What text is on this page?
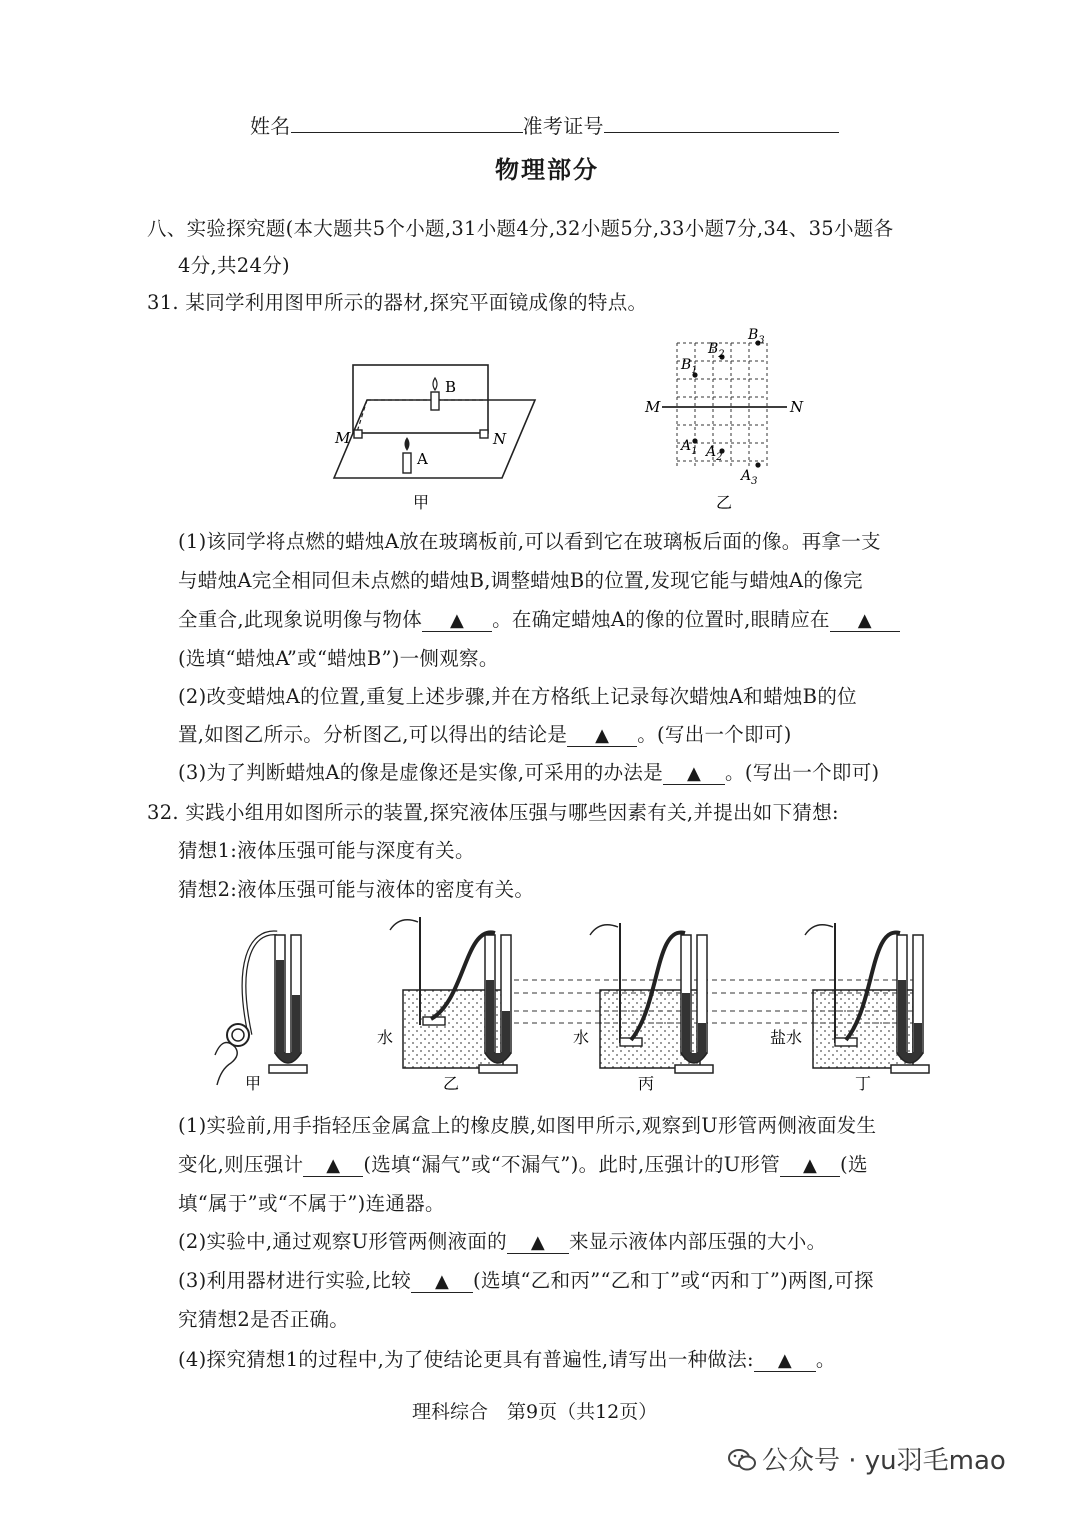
姓名	准考证号
物理部分
八、实验探究题(本大题共5个小题,31小题4分,32小题5分,33小题7分,34、35小题各
4分,共24分)
31. 某同学利用图甲所示的器材,探究平面镜成像的特点。
B
A
M	N
甲
M	N
$B_1$
$B_2$
$B_3$
$A_1$ $A_2$
$A_3$
乙
(1)该同学将点燃的蜡烛A放在玻璃板前,可以看到它在玻璃板后面的像。再拿一支
与蜡烛A完全相同但未点燃的蜡烛B,调整蜡烛B的位置,发现它能与蜡烛A的像完
全重合,此现象说明像与物体 ▲ 。在确定蜡烛A的像的位置时,眼睛应在 ▲
(选填“蜡烛A”或“蜡烛B”)一侧观察。
(2)改变蜡烛A的位置,重复上述步骤,并在方格纸上记录每次蜡烛A和蜡烛B的位
置,如图乙所示。分析图乙,可以得出的结论是 ▲ 。(写出一个即可)
(3)为了判断蜡烛A的像是虚像还是实像,可采用的办法是 ▲ 。(写出一个即可)
32. 实践小组用如图所示的装置,探究液体压强与哪些因素有关,并提出如下猜想:
猜想1:液体压强可能与深度有关。
猜想2:液体压强可能与液体的密度有关。
甲
水
乙
水
丙
盐水
丁
(1)实验前,用手指轻压金属盒上的橡皮膜,如图甲所示,观察到U形管两侧液面发生
变化,则压强计 ▲ (选填“漏气”或“不漏气”)。此时,压强计的U形管 ▲ (选
填“属于”或“不属于”)连通器。
(2)实验中,通过观察U形管两侧液面的 ▲ 来显示液体内部压强的大小。
(3)利用器材进行实验,比较 ▲ (选填“乙和丙”“乙和丁”或“丙和丁”)两图,可探
究猜想2是否正确。
(4)探究猜想1的过程中,为了使结论更具有普遍性,请写出一种做法: ▲ 。
理科综合　第9页（共12页）
公众号 · yu羽毛mao
